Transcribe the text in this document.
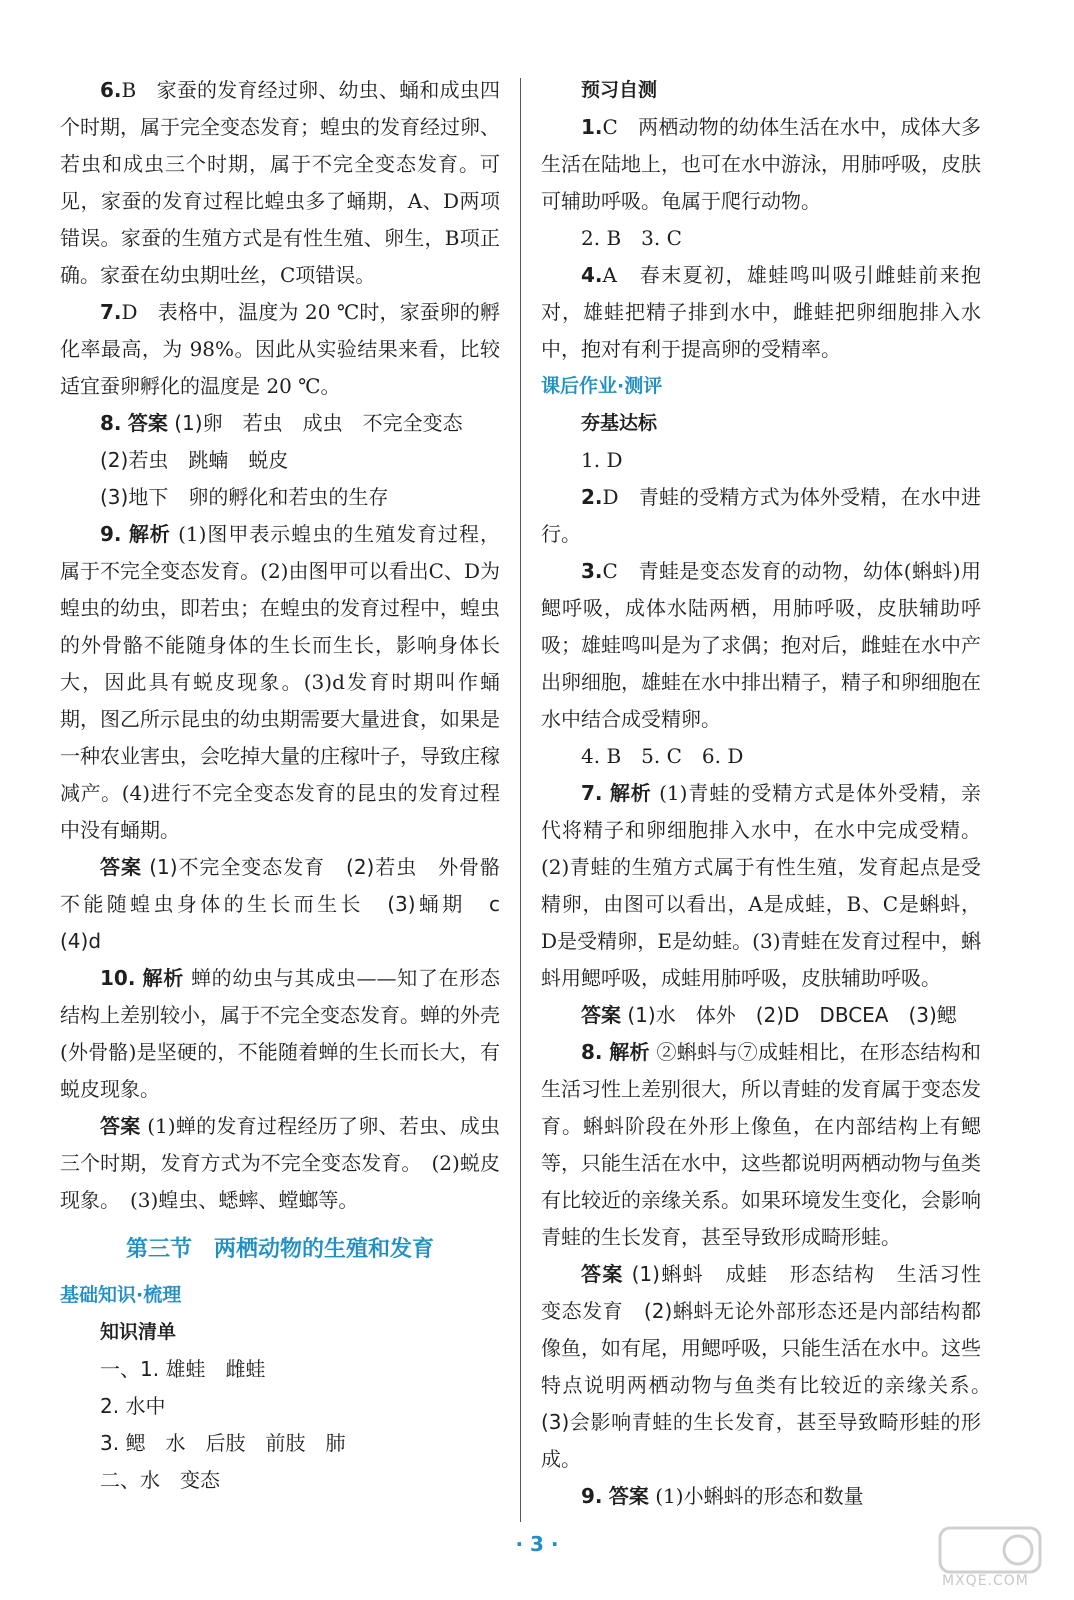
6.B　家蚕的发育经过卵、幼虫、蛹和成虫四个时期，属于完全变态发育；蝗虫的发育经过卵、若虫和成虫三个时期，属于不完全变态发育。可见，家蚕的发育过程比蝗虫多了蛹期，A、D两项错误。家蚕的生殖方式是有性生殖、卵生，B项正确。家蚕在幼虫期吐丝，C项错误。

7.D　表格中，温度为 20 ℃时，家蚕卵的孵化率最高，为 98%。因此从实验结果来看，比较适宜蚕卵孵化的温度是 20 ℃。

8. 答案 (1)卵　若虫　成虫　不完全变态

(2)若虫　跳蝻　蜕皮

(3)地下　卵的孵化和若虫的生存

9. 解析 (1)图甲表示蝗虫的生殖发育过程，属于不完全变态发育。(2)由图甲可以看出C、D为蝗虫的幼虫，即若虫；在蝗虫的发育过程中，蝗虫的外骨骼不能随身体的生长而生长，影响身体长大，因此具有蜕皮现象。(3)d发育时期叫作蛹期，图乙所示昆虫的幼虫期需要大量进食，如果是一种农业害虫，会吃掉大量的庄稼叶子，导致庄稼减产。(4)进行不完全变态发育的昆虫的发育过程中没有蛹期。

答案 (1)不完全变态发育　(2)若虫　外骨骼不能随蝗虫身体的生长而生长　(3)蛹期　c　(4)d

10. 解析 蝉的幼虫与其成虫——知了在形态结构上差别较小，属于不完全变态发育。蝉的外壳(外骨骼)是坚硬的，不能随着蝉的生长而长大，有蜕皮现象。

答案 (1)蝉的发育过程经历了卵、若虫、成虫三个时期，发育方式为不完全变态发育。　(2)蜕皮现象。　(3)蝗虫、蟋蟀、螳螂等。

第三节　两栖动物的生殖和发育

基础知识·梳理

知识清单

一、1. 雄蛙　雌蛙

2. 水中

3. 鳃　水　后肢　前肢　肺

二、水　变态

预习自测

1.C　两栖动物的幼体生活在水中，成体大多生活在陆地上，也可在水中游泳，用肺呼吸，皮肤可辅助呼吸。龟属于爬行动物。

2. B　3. C

4.A　春末夏初，雄蛙鸣叫吸引雌蛙前来抱对，雄蛙把精子排到水中，雌蛙把卵细胞排入水中，抱对有利于提高卵的受精率。

课后作业·测评

夯基达标

1. D

2.D　青蛙的受精方式为体外受精，在水中进行。

3.C　青蛙是变态发育的动物，幼体(蝌蚪)用鳃呼吸，成体水陆两栖，用肺呼吸，皮肤辅助呼吸；雄蛙鸣叫是为了求偶；抱对后，雌蛙在水中产出卵细胞，雄蛙在水中排出精子，精子和卵细胞在水中结合成受精卵。

4. B　5. C　6. D

7. 解析 (1)青蛙的受精方式是体外受精，亲代将精子和卵细胞排入水中，在水中完成受精。(2)青蛙的生殖方式属于有性生殖，发育起点是受精卵，由图可以看出，A是成蛙，B、C是蝌蚪，D是受精卵，E是幼蛙。(3)青蛙在发育过程中，蝌蚪用鳃呼吸，成蛙用肺呼吸，皮肤辅助呼吸。

答案 (1)水　体外　(2)D　DBCEA　(3)鳃

8. 解析 ②蝌蚪与⑦成蛙相比，在形态结构和生活习性上差别很大，所以青蛙的发育属于变态发育。蝌蚪阶段在外形上像鱼，在内部结构上有鳃等，只能生活在水中，这些都说明两栖动物与鱼类有比较近的亲缘关系。如果环境发生变化，会影响青蛙的生长发育，甚至导致形成畸形蛙。

答案 (1)蝌蚪　成蛙　形态结构　生活习性　变态发育　(2)蝌蚪无论外部形态还是内部结构都像鱼，如有尾，用鳃呼吸，只能生活在水中。这些特点说明两栖动物与鱼类有比较近的亲缘关系。　(3)会影响青蛙的生长发育，甚至导致畸形蛙的形成。

9. 答案 (1)小蝌蚪的形态和数量

· 3 ·
MXQE.COM
